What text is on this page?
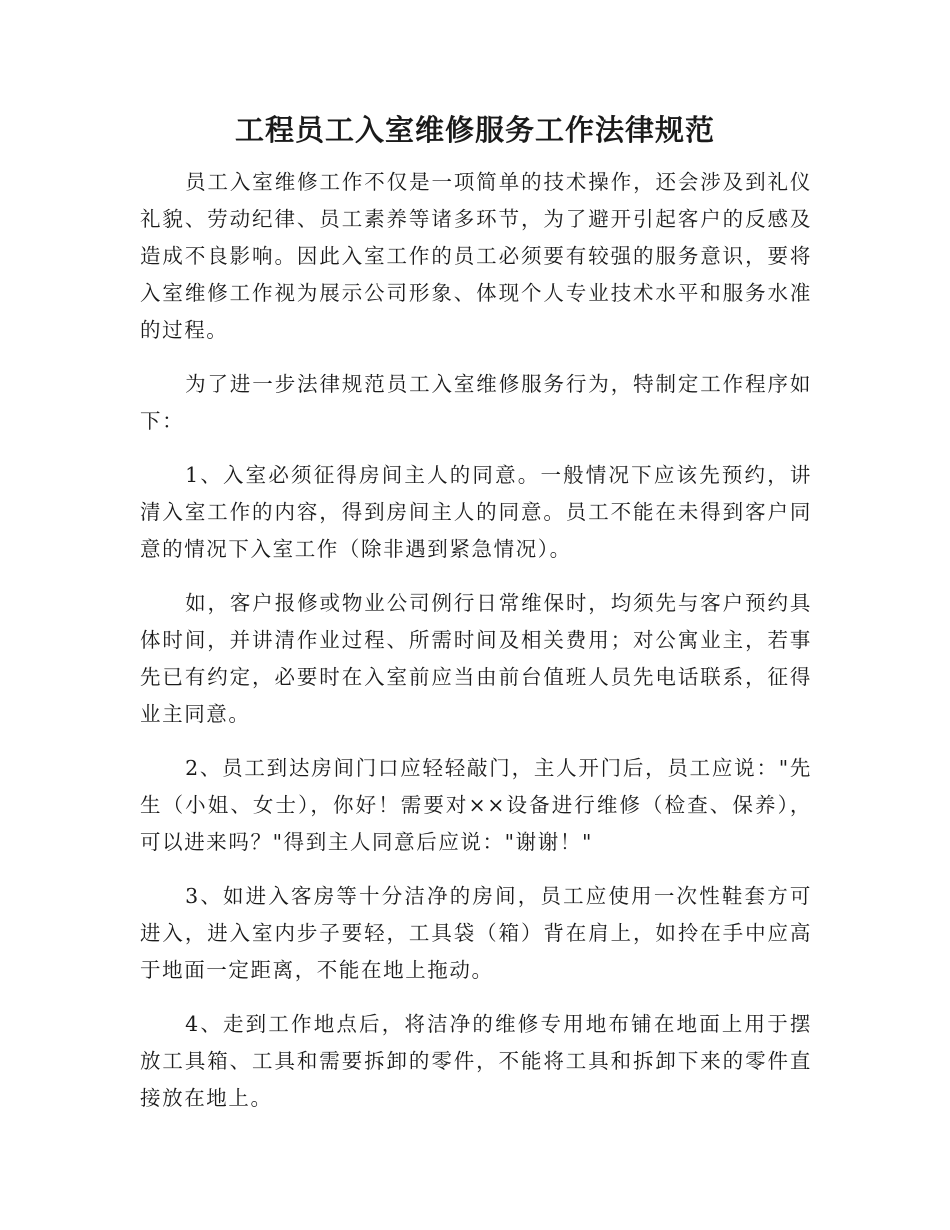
工程员工入室维修服务工作法律规范

员工入室维修工作不仅是一项简单的技术操作，还会涉及到礼仪礼貌、劳动纪律、员工素养等诸多环节，为了避开引起客户的反感及造成不良影响。因此入室工作的员工必须要有较强的服务意识，要将入室维修工作视为展示公司形象、体现个人专业技术水平和服务水准的过程。

为了进一步法律规范员工入室维修服务行为，特制定工作程序如下：

1、入室必须征得房间主人的同意。一般情况下应该先预约，讲清入室工作的内容，得到房间主人的同意。员工不能在未得到客户同意的情况下入室工作（除非遇到紧急情况）。

如，客户报修或物业公司例行日常维保时，均须先与客户预约具体时间，并讲清作业过程、所需时间及相关费用；对公寓业主，若事先已有约定，必要时在入室前应当由前台值班人员先电话联系，征得业主同意。

2、员工到达房间门口应轻轻敲门，主人开门后，员工应说："先生（小姐、女士），你好！需要对××设备进行维修（检查、保养），可以进来吗？"得到主人同意后应说："谢谢！"

3、如进入客房等十分洁净的房间，员工应使用一次性鞋套方可进入，进入室内步子要轻，工具袋（箱）背在肩上，如拎在手中应高于地面一定距离，不能在地上拖动。

4、走到工作地点后，将洁净的维修专用地布铺在地面上用于摆放工具箱、工具和需要拆卸的零件，不能将工具和拆卸下来的零件直接放在地上。
